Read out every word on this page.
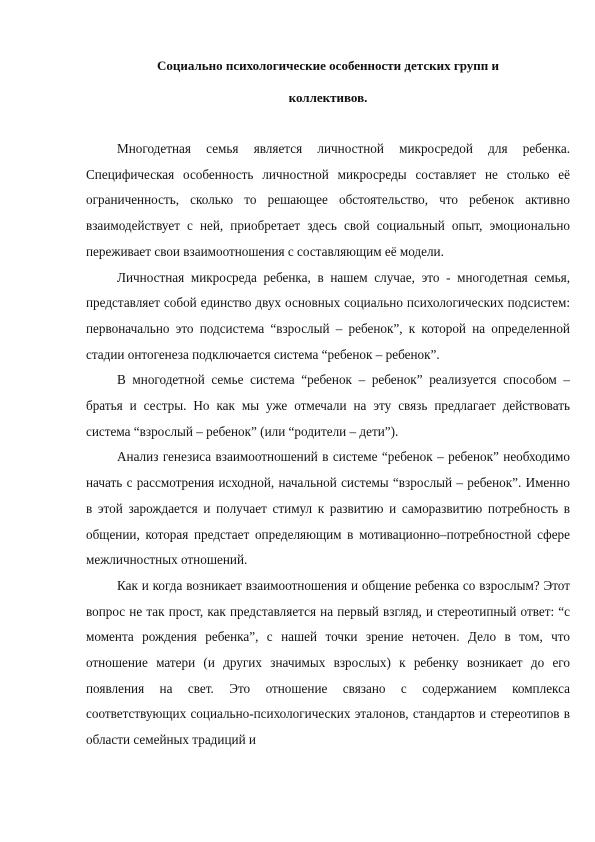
Социально психологические особенности детских групп и
коллективов.

Многодетная семья является личностной микросредой для ребенка. Специфическая особенность личностной микросреды составляет не столько её ограниченность, сколько то решающее обстоятельство, что ребенок активно взаимодействует с ней, приобретает здесь свой социальный опыт, эмоционально переживает свои взаимоотношения с составляющим её модели.

Личностная микросреда ребенка, в нашем случае, это - многодетная семья, представляет собой единство двух основных социально психологических подсистем: первоначально это подсистема “взрослый – ребенок”, к которой на определенной стадии онтогенеза подключается система “ребенок – ребенок”.

В многодетной семье система “ребенок – ребенок” реализуется способом – братья и сестры. Но как мы уже отмечали на эту связь предлагает действовать система “взрослый – ребенок” (или “родители – дети”).

Анализ генезиса взаимоотношений в системе “ребенок – ребенок” необходимо начать с рассмотрения исходной, начальной системы “взрослый – ребенок”. Именно в этой зарождается и получает стимул к развитию и саморазвитию потребность в общении, которая предстает определяющим в мотивационно–потребностной сфере межличностных отношений.

Как и когда возникает взаимоотношения и общение ребенка со взрослым? Этот вопрос не так прост, как представляется на первый взгляд, и стереотипный ответ: “с момента рождения ребенка”, с нашей точки зрение неточен. Дело в том, что отношение матери (и других значимых взрослых) к ребенку возникает до его появления на свет. Это отношение связано с содержанием комплекса соответствующих социально-психологических эталонов, стандартов и стереотипов в области семейных традиций и
